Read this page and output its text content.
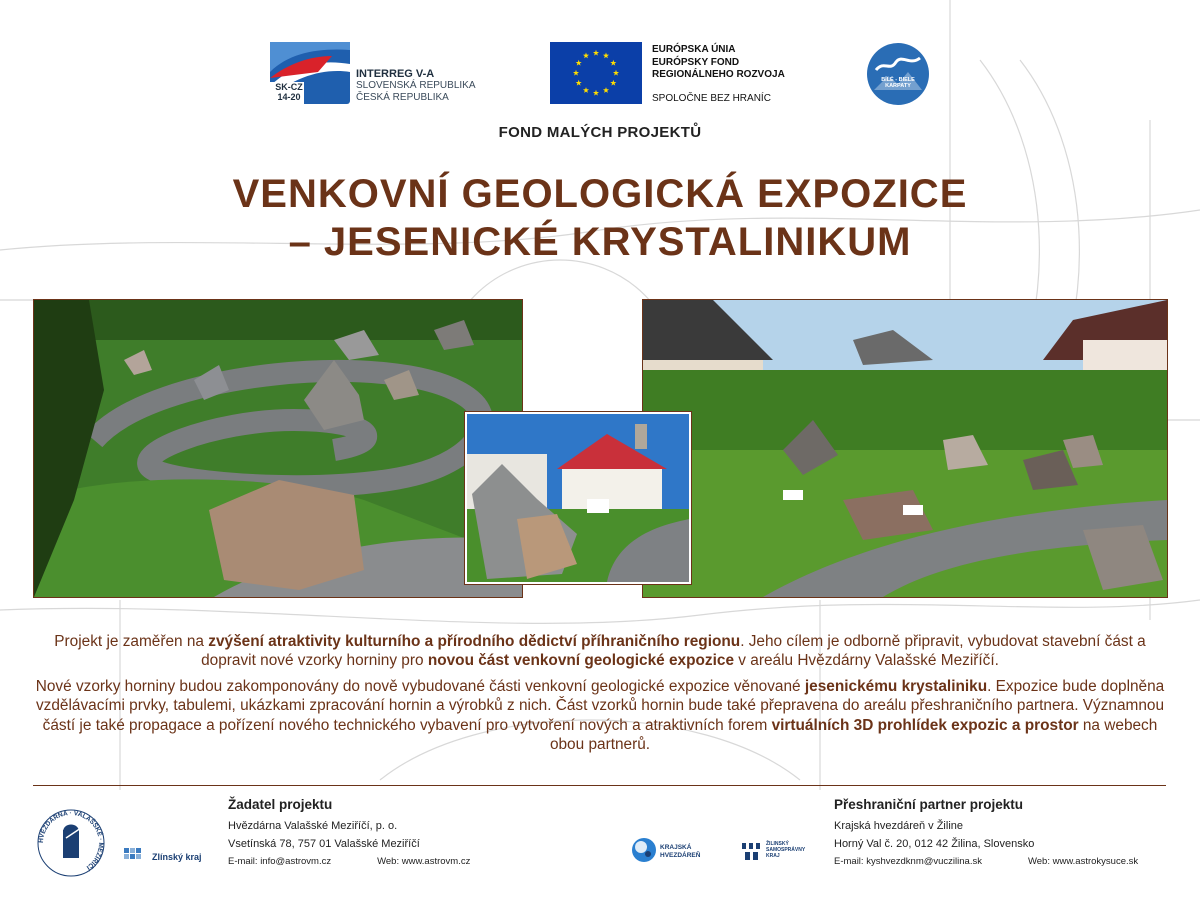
SK-CZ
14-20
INTERREG V-A
SLOVENSKÁ REPUBLIKA
ČESKÁ REPUBLIKA
EURÓPSKA ÚNIA
EURÓPSKY FOND
REGIONÁLNEHO ROZVOJA
SPOLOČNE BEZ HRANÍC
BÍLÉ - BIELE
KARPATY
FOND MALÝCH PROJEKTŮ
VENKOVNÍ GEOLOGICKÁ EXPOZICE
– JESENICKÉ KRYSTALINIKUM

Projekt je zaměřen na zvýšení atraktivity kulturního a přírodního dědictví příhraničního regionu. Jeho cílem je odborně připravit, vybudovat stavební část a dopravit nové vzorky horniny pro novou část venkovní geologické expozice v areálu Hvězdárny Valašské Meziříčí.

Nové vzorky horniny budou zakomponovány do nově vybudované části venkovní geologické expozice věnované jesenickému krystaliniku. Expozice bude doplněna vzdělávacími prvky, tabulemi, ukázkami zpracování hornin a výrobků z nich. Část vzorků hornin bude také přepravena do areálu přeshraničního partnera. Významnou částí je také propagace a pořízení nového technického vybavení pro vytvoření nových a atraktivních forem virtuálních 3D prohlídek expozic a prostor na webech obou partnerů.

HVĚZDÁRNA · VALAŠSKÉ · MEZIŘÍČÍ
Zlínský kraj
Žadatel projektu
Hvězdárna Valašské Meziříčí, p. o.
Vsetínská 78, 757 01 Valašské Meziříčí
E-mail: info@astrovm.cz	Web: www.astrovm.cz
KRAJSKÁ
HVEZDÁREŇ
ŽILINSKÝ
SAMOSPRÁVNY
KRAJ
Přeshraniční partner projektu
Krajská hvezdáreň v Žiline
Horný Val č. 20, 012 42 Žilina, Slovensko
E-mail: kyshvezdknm@vuczilina.sk	Web: www.astrokysuce.sk
